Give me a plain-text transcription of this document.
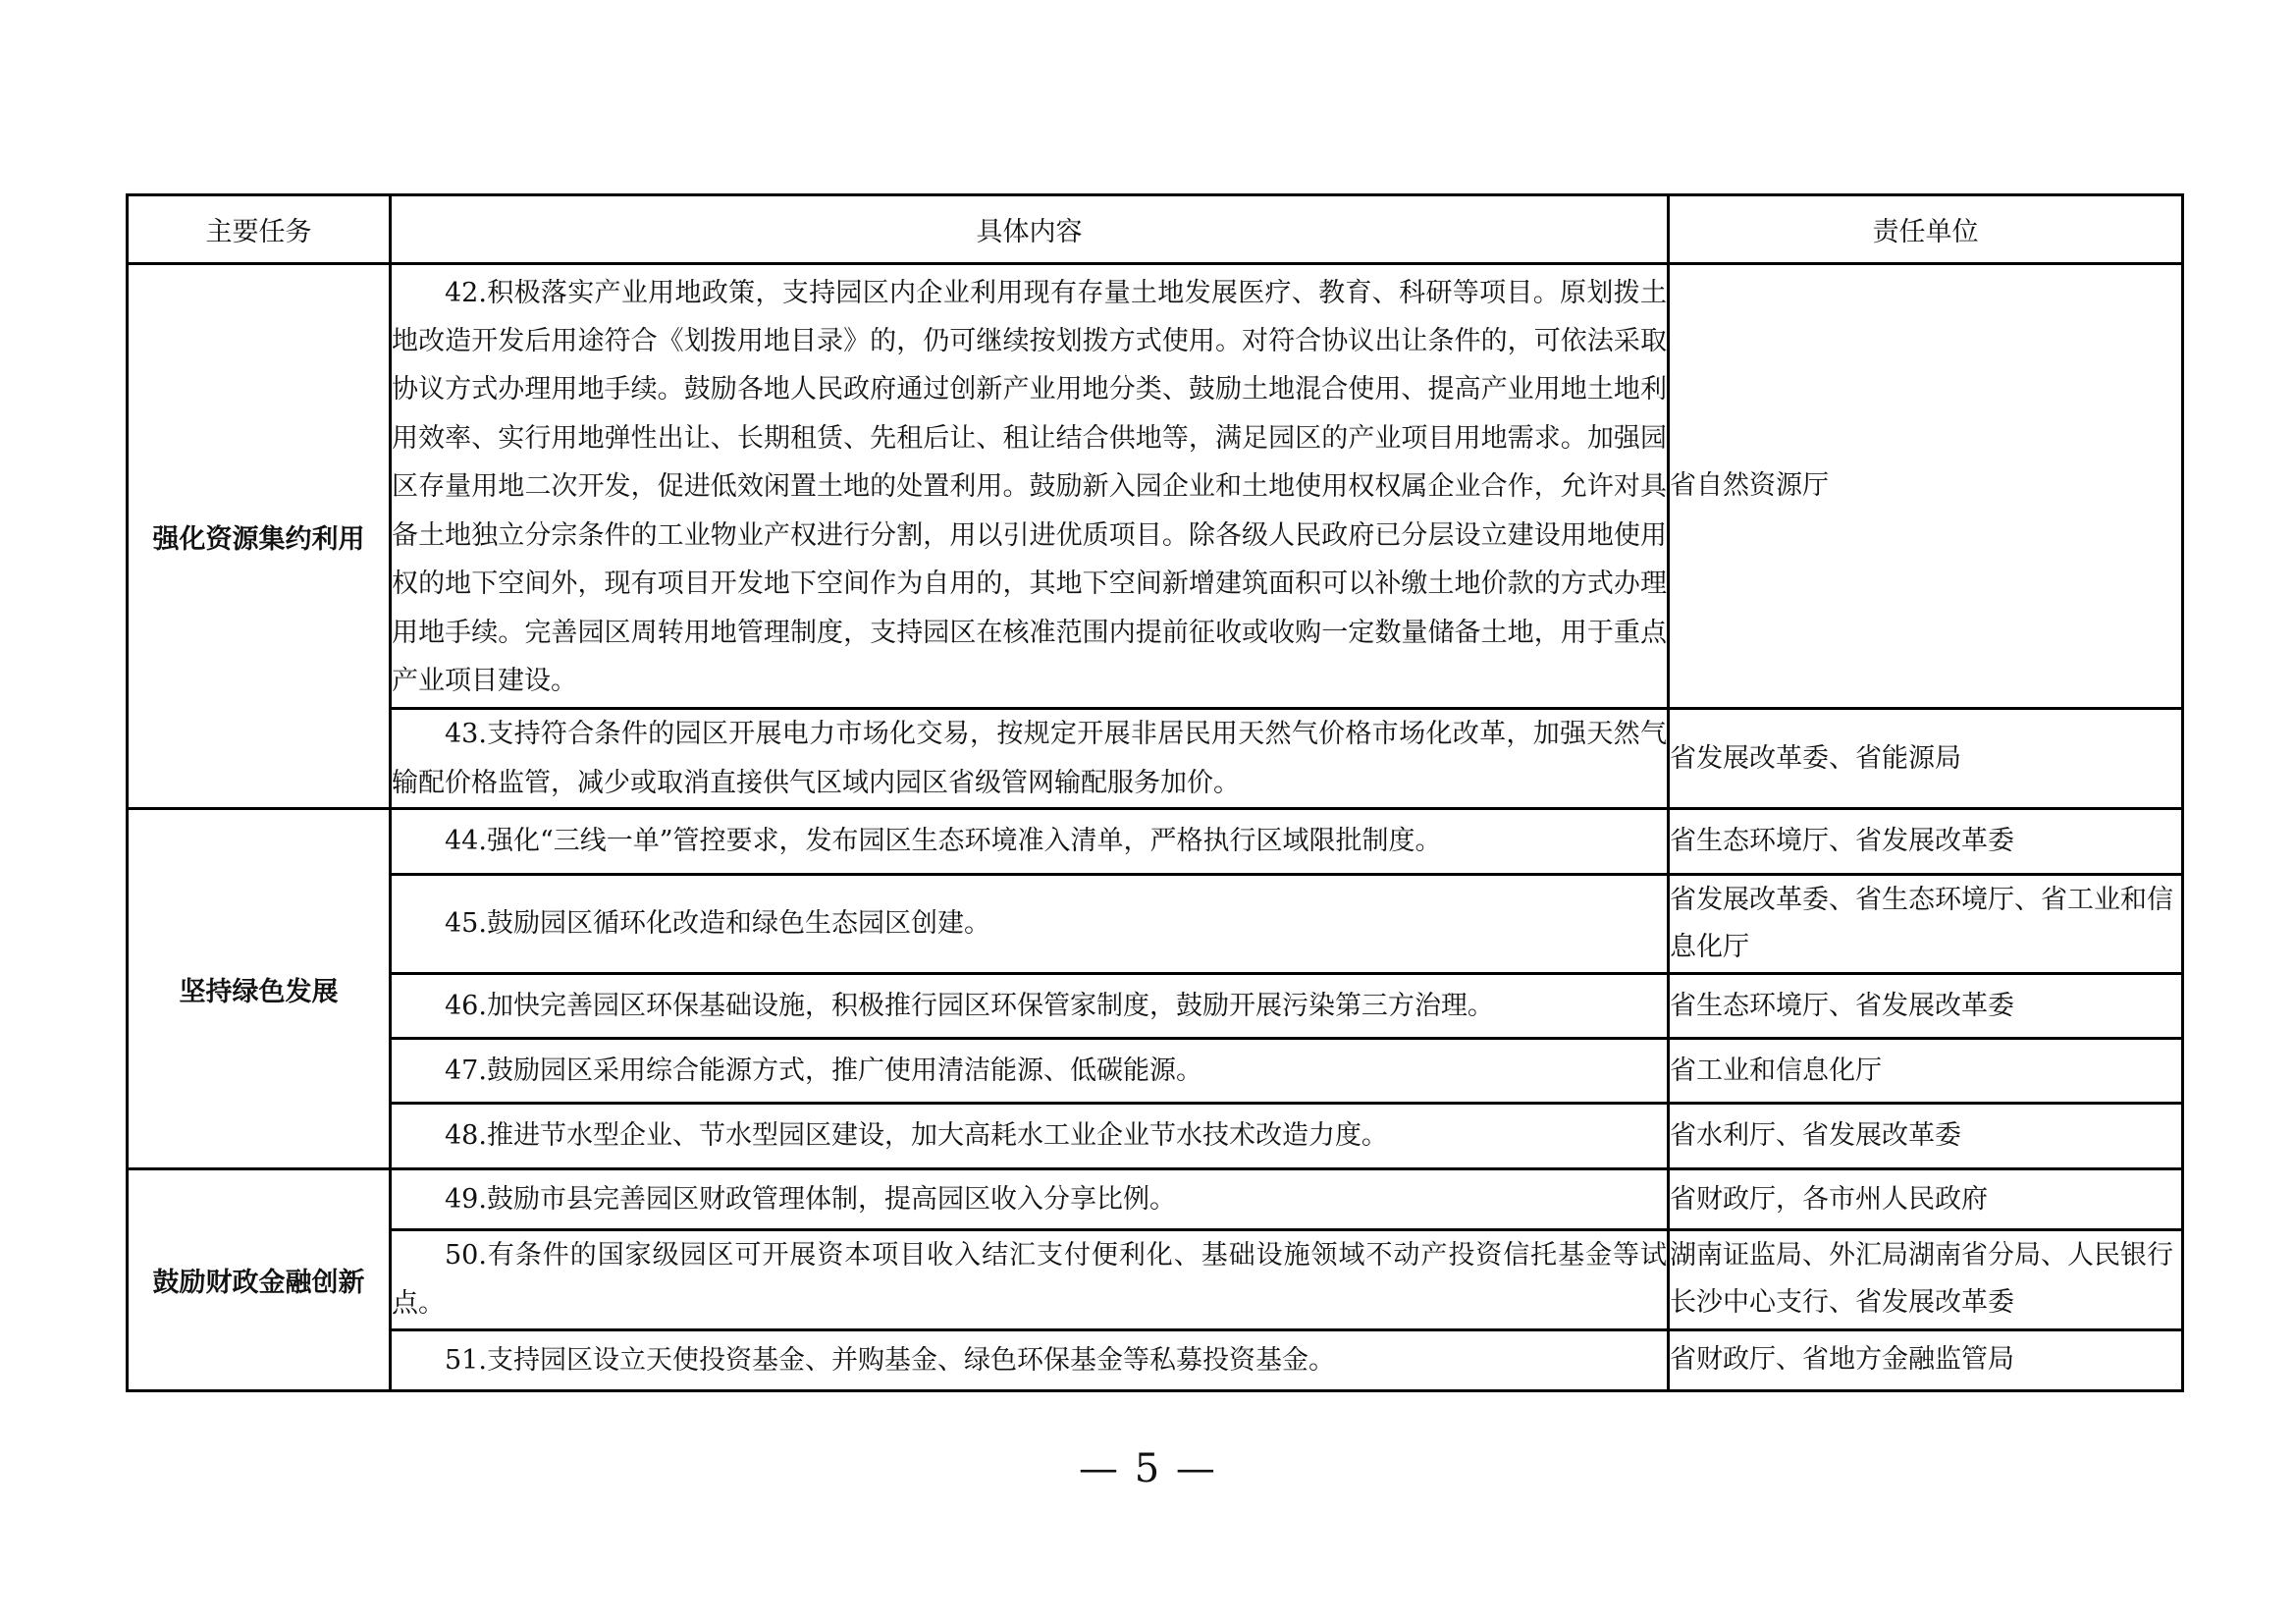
主要任务	具体内容	责任单位
强化资源集约利用	42.积极落实产业用地政策，支持园区内企业利用现有存量土地发展医疗、教育、科研等项目。原划拨土地改造开发后用途符合《划拨用地目录》的，仍可继续按划拨方式使用。对符合协议出让条件的，可依法采取协议方式办理用地手续。鼓励各地人民政府通过创新产业用地分类、鼓励土地混合使用、提高产业用地土地利用效率、实行用地弹性出让、长期租赁、先租后让、租让结合供地等，满足园区的产业项目用地需求。加强园区存量用地二次开发，促进低效闲置土地的处置利用。鼓励新入园企业和土地使用权权属企业合作，允许对具备土地独立分宗条件的工业物业产权进行分割，用以引进优质项目。除各级人民政府已分层设立建设用地使用权的地下空间外，现有项目开发地下空间作为自用的，其地下空间新增建筑面积可以补缴土地价款的方式办理用地手续。完善园区周转用地管理制度，支持园区在核准范围内提前征收或收购一定数量储备土地，用于重点产业项目建设。	省自然资源厅
	43.支持符合条件的园区开展电力市场化交易，按规定开展非居民用天然气价格市场化改革，加强天然气输配价格监管，减少或取消直接供气区域内园区省级管网输配服务加价。	省发展改革委、省能源局
坚持绿色发展	44.强化“三线一单”管控要求，发布园区生态环境准入清单，严格执行区域限批制度。	省生态环境厅、省发展改革委
	45.鼓励园区循环化改造和绿色生态园区创建。	省发展改革委、省生态环境厅、省工业和信息化厅
	46.加快完善园区环保基础设施，积极推行园区环保管家制度，鼓励开展污染第三方治理。	省生态环境厅、省发展改革委
	47.鼓励园区采用综合能源方式，推广使用清洁能源、低碳能源。	省工业和信息化厅
	48.推进节水型企业、节水型园区建设，加大高耗水工业企业节水技术改造力度。	省水利厅、省发展改革委
鼓励财政金融创新	49.鼓励市县完善园区财政管理体制，提高园区收入分享比例。	省财政厅，各市州人民政府
	50.有条件的国家级园区可开展资本项目收入结汇支付便利化、基础设施领域不动产投资信托基金等试点。	湖南证监局、外汇局湖南省分局、人民银行长沙中心支行、省发展改革委
	51.支持园区设立天使投资基金、并购基金、绿色环保基金等私募投资基金。	省财政厅、省地方金融监管局
— 5 —
